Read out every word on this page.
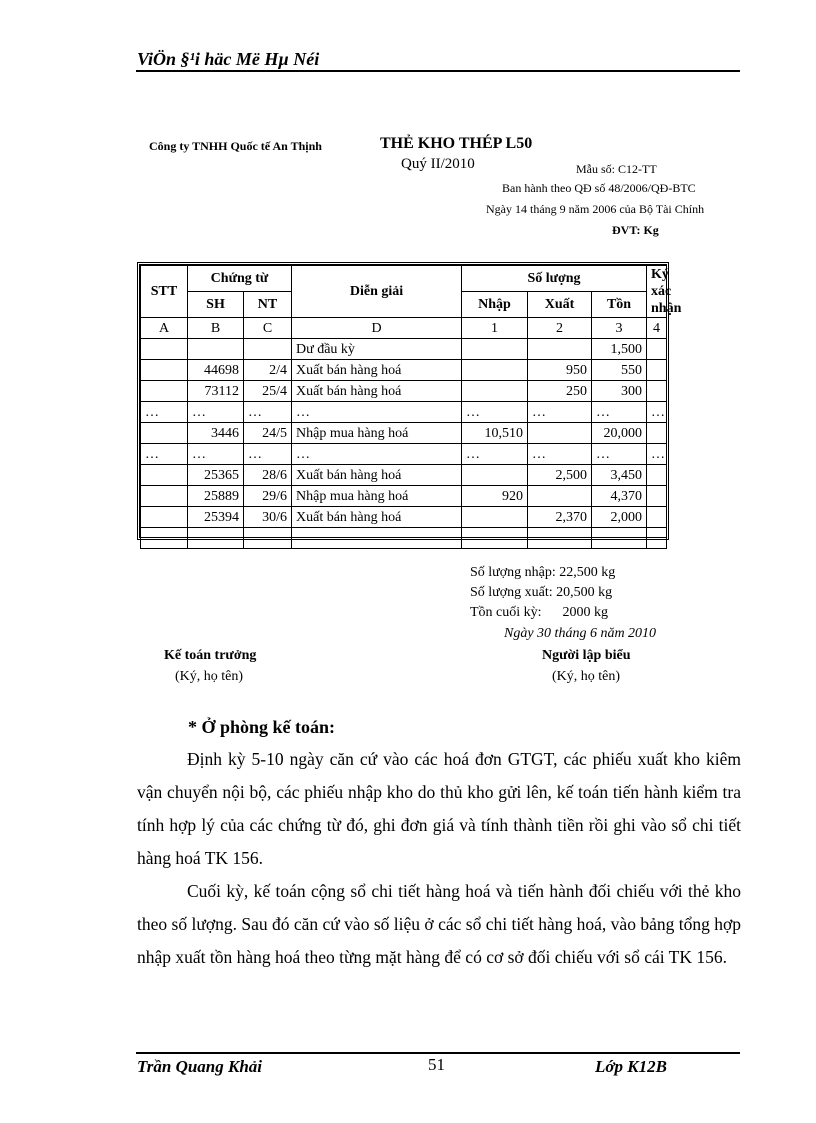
ViÖn §¹i häc Më Hµ Néi
Công ty TNHH Quốc tế An Thịnh	THẺ KHO THÉP L50
Quý II/2010	Mẫu số: C12-TT
Ban hành theo QĐ số 48/2006/QĐ-BTC
Ngày 14 tháng 9 năm 2006 của Bộ Tài Chính
ĐVT: Kg
STT	Chứng từ		Diễn giải	Số lượng			Ký xác nhận
	SH	NT		Nhập	Xuất	Tồn	
A	B	C	D	1	2	3	4
			Dư đầu kỳ			1,500	
	44698	2/4	Xuất bán hàng hoá		950	550	
	73112	25/4	Xuất bán hàng hoá		250	300	
…	…	…	…	…	…	…	…
	3446	24/5	Nhập mua hàng hoá	10,510		20,000	
…	…	…	…	…	…	…	…
	25365	28/6	Xuất bán hàng hoá		2,500	3,450	
	25889	29/6	Nhập mua hàng hoá	920		4,370	
	25394	30/6	Xuất bán hàng hoá		2,370	2,000	

Số lượng nhập: 22,500 kg
Số lượng xuất: 20,500 kg
Tồn cuối kỳ: 2000 kg
Ngày 30 tháng 6 năm 2010
Kế toán trưởng
(Ký, họ tên)
Người lập biểu
(Ký, họ tên)
* Ở phòng kế toán:
Định kỳ 5-10 ngày căn cứ vào các hoá đơn GTGT, các phiếu xuất kho kiêm vận chuyển nội bộ, các phiếu nhập kho do thủ kho gửi lên, kế toán tiến hành kiểm tra tính hợp lý của các chứng từ đó, ghi đơn giá và tính thành tiền rồi ghi vào sổ chi tiết hàng hoá TK 156.
Cuối kỳ, kế toán cộng sổ chi tiết hàng hoá và tiến hành đối chiếu với thẻ kho theo số lượng. Sau đó căn cứ vào số liệu ở các sổ chi tiết hàng hoá, vào bảng tổng hợp nhập xuất tồn hàng hoá theo từng mặt hàng để có cơ sở đối chiếu với sổ cái TK 156.
Trần Quang Khải	51	Lớp K12B
